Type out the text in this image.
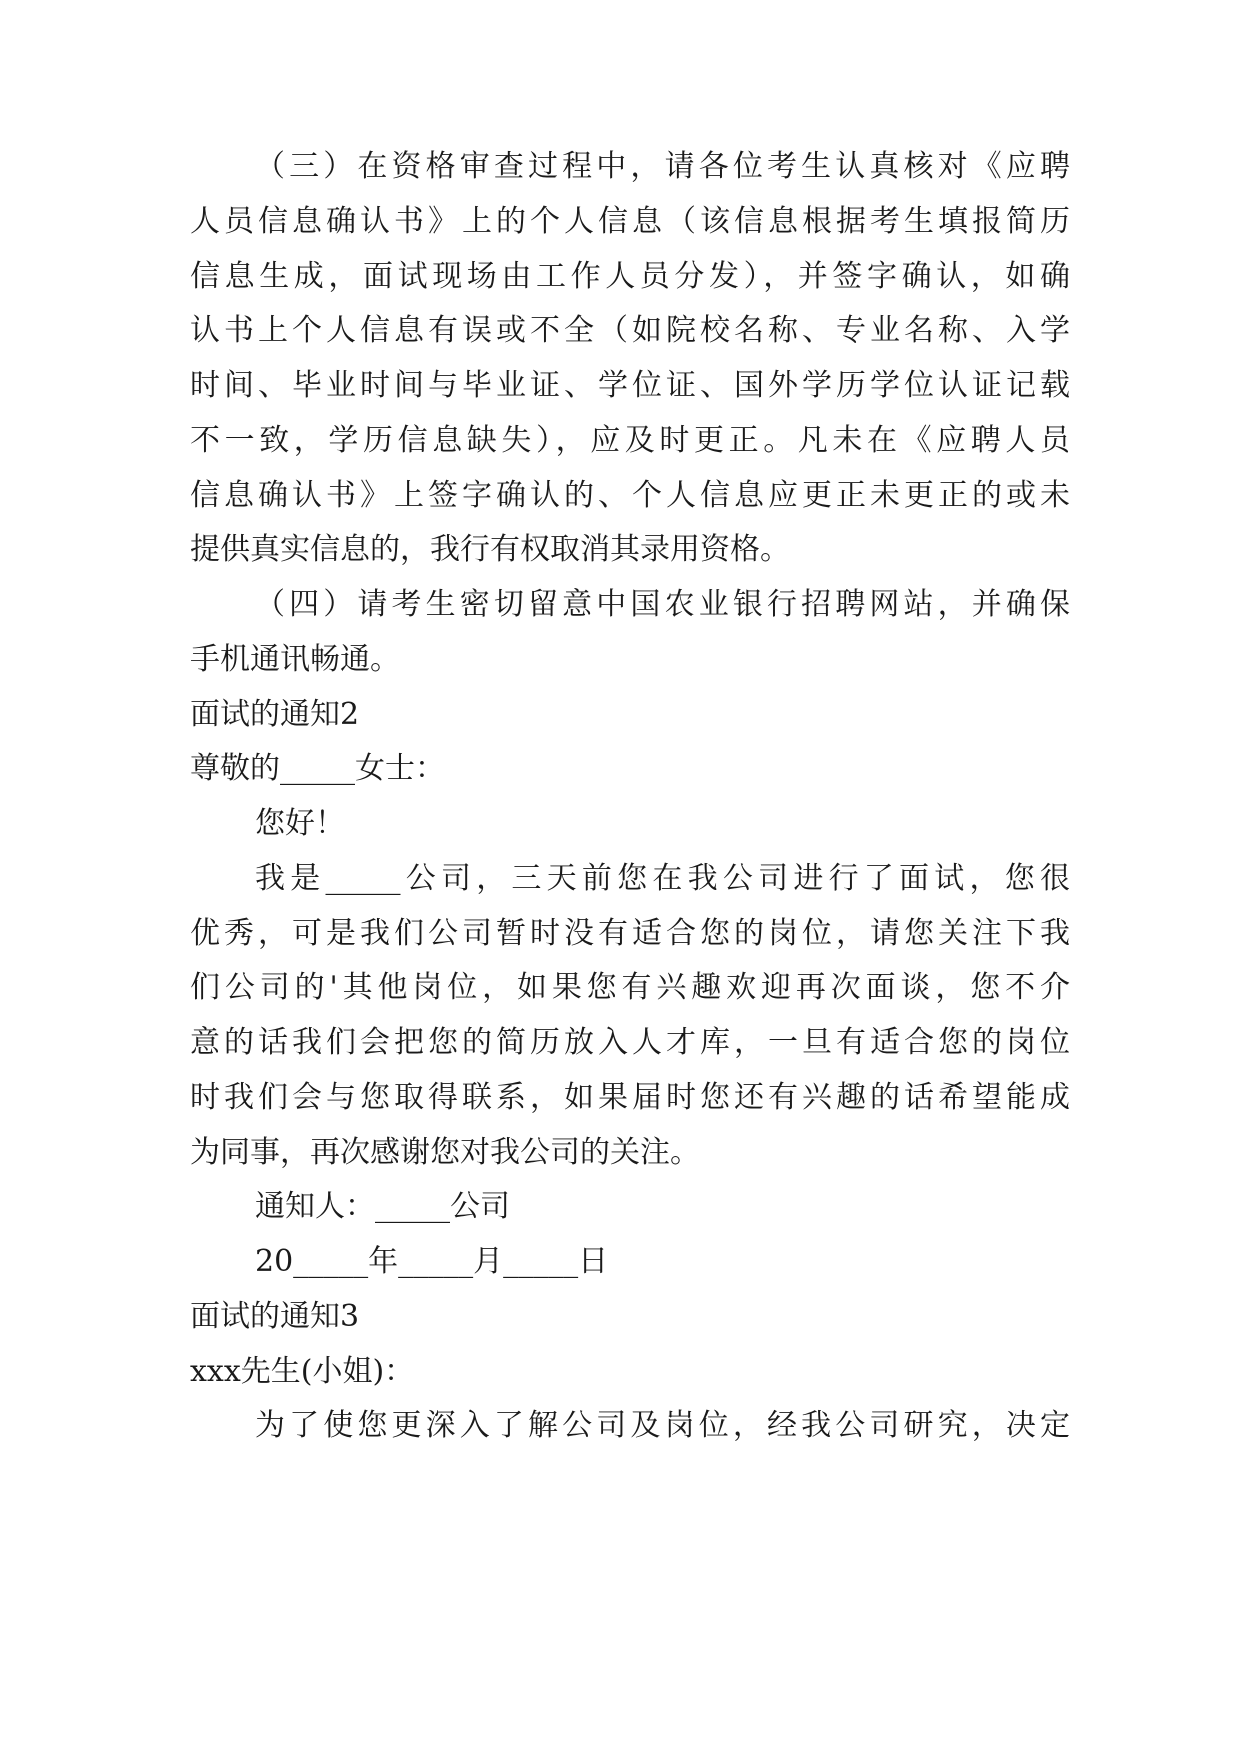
（三）在资格审查过程中，请各位考生认真核对《应聘
人员信息确认书》上的个人信息（该信息根据考生填报简历
信息生成，面试现场由工作人员分发），并签字确认，如确
认书上个人信息有误或不全（如院校名称、专业名称、入学
时间、毕业时间与毕业证、学位证、国外学历学位认证记载
不一致，学历信息缺失），应及时更正。凡未在《应聘人员
信息确认书》上签字确认的、个人信息应更正未更正的或未
提供真实信息的，我行有权取消其录用资格。
（四）请考生密切留意中国农业银行招聘网站，并确保
手机通讯畅通。
面试的通知2
尊敬的_____女士：
您好！
我是_____公司，三天前您在我公司进行了面试，您很
优秀，可是我们公司暂时没有适合您的岗位，请您关注下我
们公司的'其他岗位，如果您有兴趣欢迎再次面谈，您不介
意的话我们会把您的简历放入人才库，一旦有适合您的岗位
时我们会与您取得联系，如果届时您还有兴趣的话希望能成
为同事，再次感谢您对我公司的关注。
通知人：_____公司
20_____年_____月_____日
面试的通知3
xxx先生(小姐)：
为了使您更深入了解公司及岗位，经我公司研究，决定
